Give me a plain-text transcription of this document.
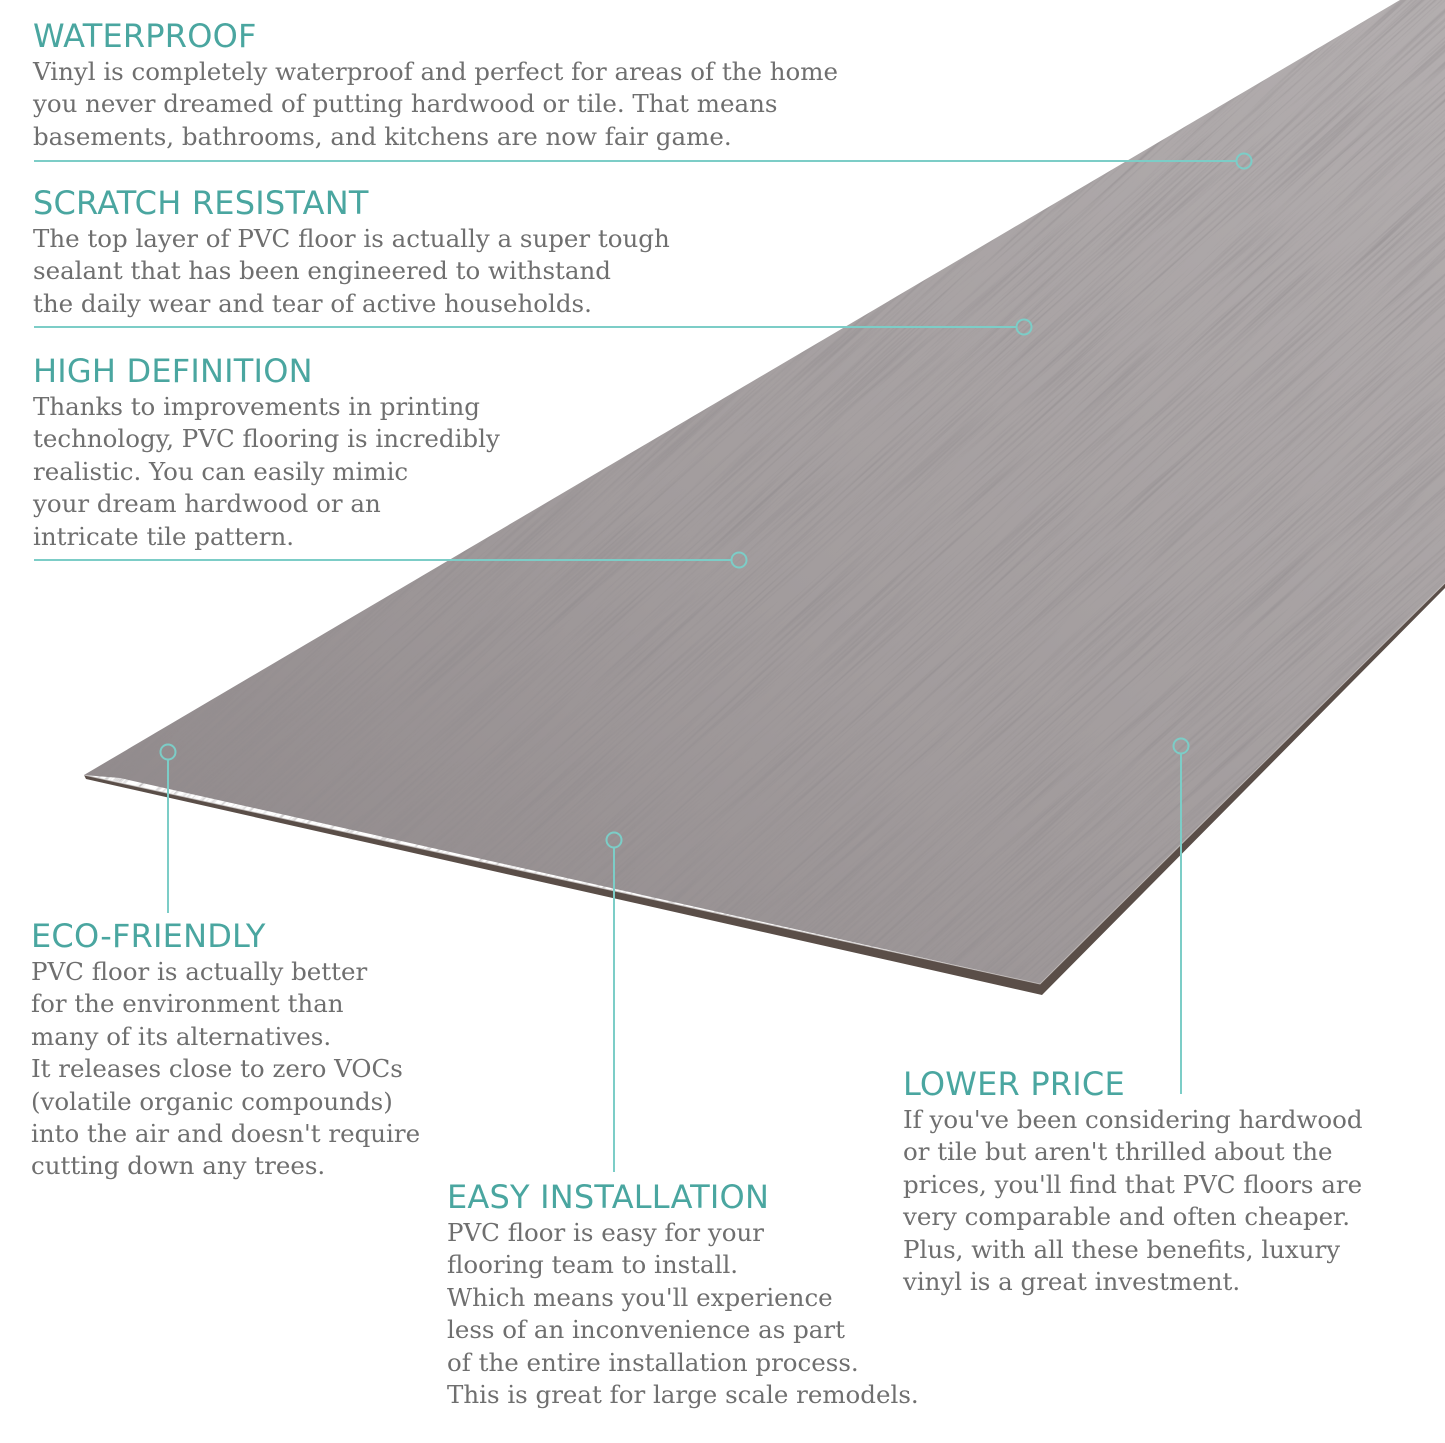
WATERPROOF

Vinyl is completely waterproof and perfect for areas of the home
you never dreamed of putting hardwood or tile. That means
basements, bathrooms, and kitchens are now fair game.

SCRATCH RESISTANT

The top layer of PVC floor is actually a super tough
sealant that has been engineered to withstand
the daily wear and tear of active households.

HIGH DEFINITION

Thanks to improvements in printing
technology, PVC flooring is incredibly
realistic. You can easily mimic
your dream hardwood or an
intricate tile pattern.

ECO-FRIENDLY

PVC floor is actually better
for the environment than
many of its alternatives.
It releases close to zero VOCs
(volatile organic compounds)
into the air and doesn't require
cutting down any trees.

EASY INSTALLATION

PVC floor is easy for your
flooring team to install.
Which means you'll experience
less of an inconvenience as part
of the entire installation process.
This is great for large scale remodels.

LOWER PRICE

If you've been considering hardwood
or tile but aren't thrilled about the
prices, you'll find that PVC floors are
very comparable and often cheaper.
Plus, with all these benefits, luxury
vinyl is a great investment.
